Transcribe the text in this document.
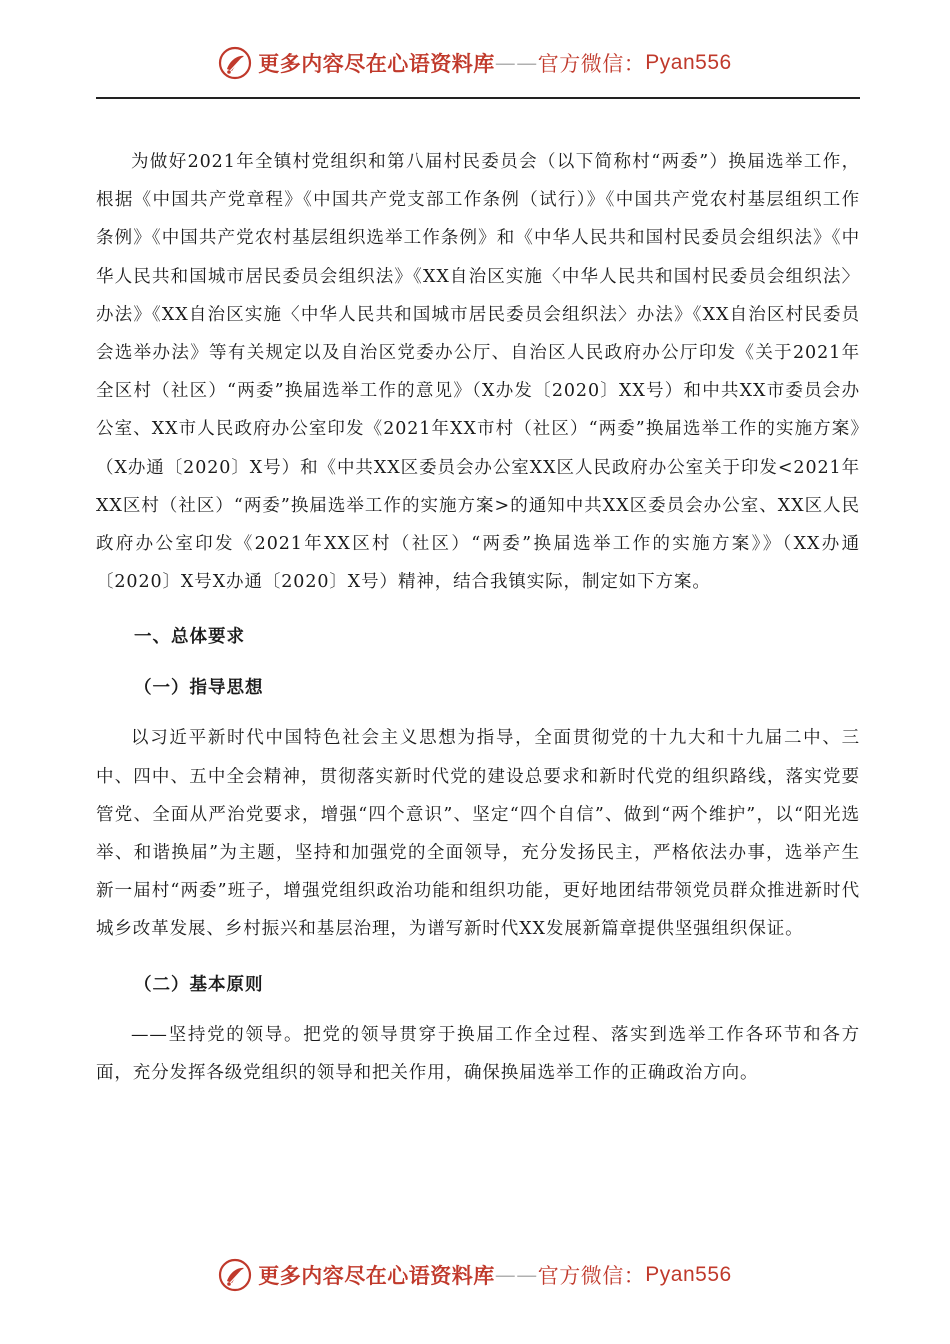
更多内容尽在心语资料库 —— 官方微信： Pyan556

为做好2021年全镇村党组织和第八届村民委员会（以下简称村“两委”）换届选举工作，根据《中国共产党章程》《中国共产党支部工作条例（试行）》《中国共产党农村基层组织工作条例》《中国共产党农村基层组织选举工作条例》和《中华人民共和国村民委员会组织法》《中华人民共和国城市居民委员会组织法》《XX自治区实施〈中华人民共和国村民委员会组织法〉办法》《XX自治区实施〈中华人民共和国城市居民委员会组织法〉办法》《XX自治区村民委员会选举办法》等有关规定以及自治区党委办公厅、自治区人民政府办公厅印发《关于2021年全区村（社区）“两委”换届选举工作的意见》（X办发〔2020〕XX号）和中共XX市委员会办公室、XX市人民政府办公室印发《2021年XX市村（社区）“两委”换届选举工作的实施方案》（X办通〔2020〕X号）和《中共XX区委员会办公室XX区人民政府办公室关于印发<2021年XX区村（社区）“两委”换届选举工作的实施方案>的通知中共XX区委员会办公室、XX区人民政府办公室印发《2021年XX区村（社区）“两委”换届选举工作的实施方案》》（XX办通〔2020〕X号X办通〔2020〕X号）精神，结合我镇实际，制定如下方案。

一、总体要求

（一）指导思想

以习近平新时代中国特色社会主义思想为指导，全面贯彻党的十九大和十九届二中、三中、四中、五中全会精神，贯彻落实新时代党的建设总要求和新时代党的组织路线，落实党要管党、全面从严治党要求，增强“四个意识”、坚定“四个自信”、做到“两个维护”，以“阳光选举、和谐换届”为主题，坚持和加强党的全面领导，充分发扬民主，严格依法办事，选举产生新一届村“两委”班子，增强党组织政治功能和组织功能，更好地团结带领党员群众推进新时代城乡改革发展、乡村振兴和基层治理，为谱写新时代XX发展新篇章提供坚强组织保证。

（二）基本原则

——坚持党的领导。把党的领导贯穿于换届工作全过程、落实到选举工作各环节和各方面，充分发挥各级党组织的领导和把关作用，确保换届选举工作的正确政治方向。

更多内容尽在心语资料库 —— 官方微信： Pyan556
